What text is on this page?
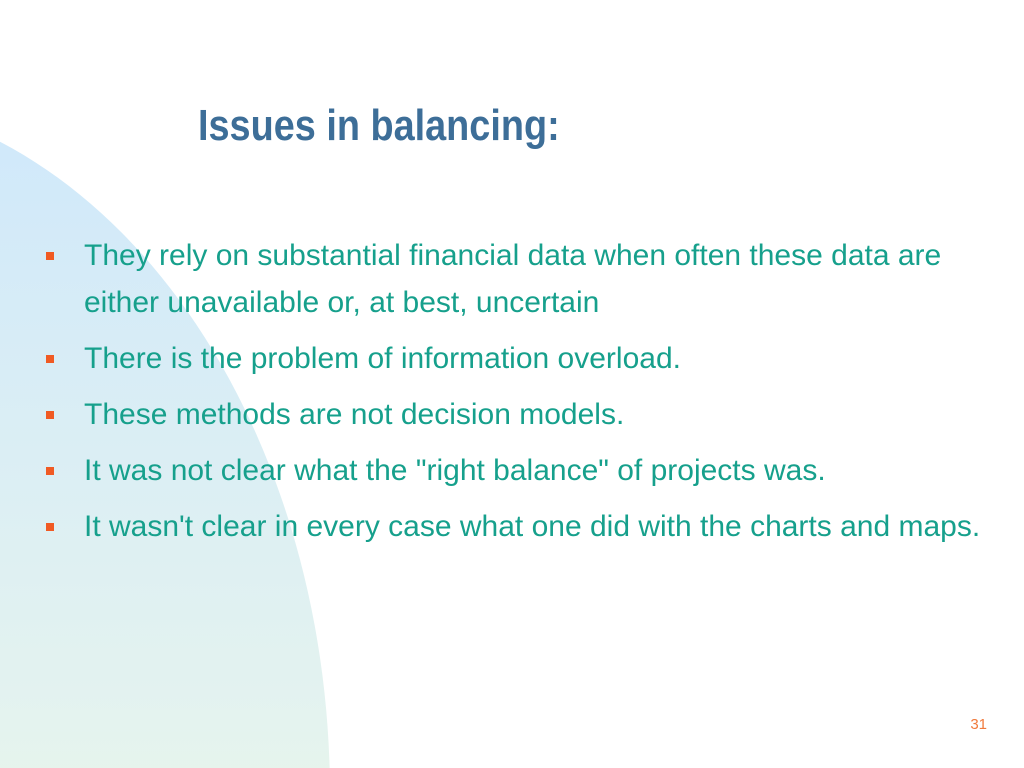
Issues in balancing:
They rely on substantial financial data when often these data are either unavailable or, at best, uncertain
There is the problem of information overload.
These methods are not decision models.
It was not clear what the "right balance" of projects was.
It wasn't clear in every case what one did with the charts and maps.
31
